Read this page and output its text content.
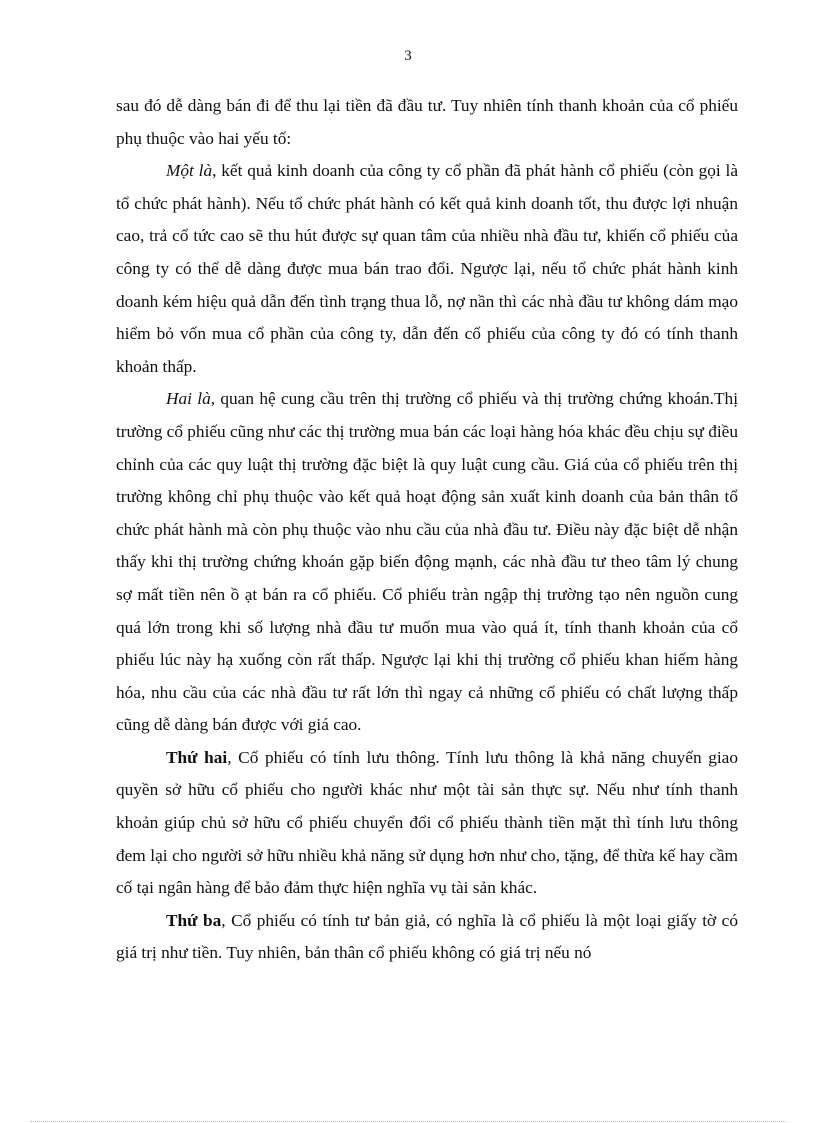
3

sau đó dễ dàng bán đi để thu lại tiền đã đầu tư. Tuy nhiên tính thanh khoản của cổ phiếu phụ thuộc vào hai yếu tố:

Một là, kết quả kinh doanh của công ty cổ phần đã phát hành cổ phiếu (còn gọi là tổ chức phát hành). Nếu tổ chức phát hành có kết quả kinh doanh tốt, thu được lợi nhuận cao, trả cổ tức cao sẽ thu hút được sự quan tâm của nhiều nhà đầu tư, khiến cổ phiếu của công ty có thể dễ dàng được mua bán trao đổi. Ngược lại, nếu tổ chức phát hành kinh doanh kém hiệu quả dẫn đến tình trạng thua lỗ, nợ nần thì các nhà đầu tư không dám mạo hiểm bỏ vốn mua cổ phần của công ty, dẫn đến cổ phiếu của công ty đó có tính thanh khoản thấp.

Hai là, quan hệ cung cầu trên thị trường cổ phiếu và thị trường chứng khoán.Thị trường cổ phiếu cũng như các thị trường mua bán các loại hàng hóa khác đều chịu sự điều chỉnh của các quy luật thị trường đặc biệt là quy luật cung cầu. Giá của cổ phiếu trên thị trường không chỉ phụ thuộc vào kết quả hoạt động sản xuất kinh doanh của bản thân tổ chức phát hành mà còn phụ thuộc vào nhu cầu của nhà đầu tư. Điều này đặc biệt dễ nhận thấy khi thị trường chứng khoán gặp biến động mạnh, các nhà đầu tư theo tâm lý chung sợ mất tiền nên ồ ạt bán ra cổ phiếu. Cổ phiếu tràn ngập thị trường tạo nên nguồn cung quá lớn trong khi số lượng nhà đầu tư muốn mua vào quá ít, tính thanh khoản của cổ phiếu lúc này hạ xuống còn rất thấp. Ngược lại khi thị trường cổ phiếu khan hiếm hàng hóa, nhu cầu của các nhà đầu tư rất lớn thì ngay cả những cổ phiếu có chất lượng thấp cũng dễ dàng bán được với giá cao.

Thứ hai, Cổ phiếu có tính lưu thông. Tính lưu thông là khả năng chuyển giao quyền sở hữu cổ phiếu cho người khác như một tài sản thực sự. Nếu như tính thanh khoản giúp chủ sở hữu cổ phiếu chuyển đổi cổ phiếu thành tiền mặt thì tính lưu thông đem lại cho người sở hữu nhiều khả năng sử dụng hơn như cho, tặng, để thừa kế hay cầm cố tại ngân hàng để bảo đảm thực hiện nghĩa vụ tài sản khác.

Thứ ba, Cổ phiếu có tính tư bản giả, có nghĩa là cổ phiếu là một loại giấy tờ có giá trị như tiền. Tuy nhiên, bản thân cổ phiếu không có giá trị nếu nó
